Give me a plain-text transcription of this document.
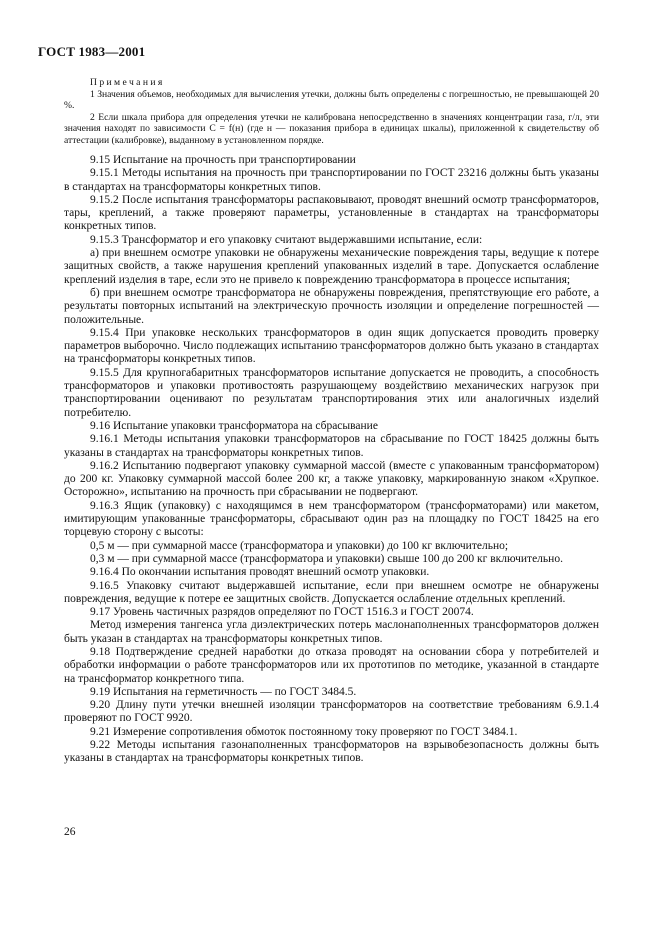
ГОСТ 1983—2001

Примечания

1 Значения объемов, необходимых для вычисления утечки, должны быть определены с погрешностью, не превышающей 20 %.

2 Если шкала прибора для определения утечки не калибрована непосредственно в значениях концентрации газа, г/л, эти значения находят по зависимости C = f(н) (где н — показания прибора в единицах шкалы), приложенной к свидетельству об аттестации (калибровке), выданному в установленном порядке.

9.15 Испытание на прочность при транспортировании

9.15.1 Методы испытания на прочность при транспортировании по ГОСТ 23216 должны быть указаны в стандартах на трансформаторы конкретных типов.

9.15.2 После испытания трансформаторы распаковывают, проводят внешний осмотр трансформаторов, тары, креплений, а также проверяют параметры, установленные в стандартах на трансформаторы конкретных типов.

9.15.3 Трансформатор и его упаковку считают выдержавшими испытание, если:

а) при внешнем осмотре упаковки не обнаружены механические повреждения тары, ведущие к потере защитных свойств, а также нарушения креплений упакованных изделий в таре. Допускается ослабление креплений изделия в таре, если это не привело к повреждению трансформатора в процессе испытания;

б) при внешнем осмотре трансформатора не обнаружены повреждения, препятствующие его работе, а результаты повторных испытаний на электрическую прочность изоляции и определение погрешностей — положительные.

9.15.4 При упаковке нескольких трансформаторов в один ящик допускается проводить проверку параметров выборочно. Число подлежащих испытанию трансформаторов должно быть указано в стандартах на трансформаторы конкретных типов.

9.15.5 Для крупногабаритных трансформаторов испытание допускается не проводить, а способность трансформаторов и упаковки противостоять разрушающему воздействию механических нагрузок при транспортировании оценивают по результатам транспортирования этих или аналогичных изделий потребителю.

9.16 Испытание упаковки трансформатора на сбрасывание

9.16.1 Методы испытания упаковки трансформаторов на сбрасывание по ГОСТ 18425 должны быть указаны в стандартах на трансформаторы конкретных типов.

9.16.2 Испытанию подвергают упаковку суммарной массой (вместе с упакованным трансформатором) до 200 кг. Упаковку суммарной массой более 200 кг, а также упаковку, маркированную знаком «Хрупкое. Осторожно», испытанию на прочность при сбрасывании не подвергают.

9.16.3 Ящик (упаковку) с находящимся в нем трансформатором (трансформаторами) или макетом, имитирующим упакованные трансформаторы, сбрасывают один раз на площадку по ГОСТ 18425 на его торцевую сторону с высоты:

0,5 м — при суммарной массе (трансформатора и упаковки) до 100 кг включительно;

0,3 м — при суммарной массе (трансформатора и упаковки) свыше 100 до 200 кг включительно.

9.16.4 По окончании испытания проводят внешний осмотр упаковки.

9.16.5 Упаковку считают выдержавшей испытание, если при внешнем осмотре не обнаружены повреждения, ведущие к потере ее защитных свойств. Допускается ослабление отдельных креплений.

9.17 Уровень частичных разрядов определяют по ГОСТ 1516.3 и ГОСТ 20074.

Метод измерения тангенса угла диэлектрических потерь маслонаполненных трансформаторов должен быть указан в стандартах на трансформаторы конкретных типов.

9.18 Подтверждение средней наработки до отказа проводят на основании сбора у потребителей и обработки информации о работе трансформаторов или их прототипов по методике, указанной в стандарте на трансформатор конкретного типа.

9.19 Испытания на герметичность — по ГОСТ 3484.5.

9.20 Длину пути утечки внешней изоляции трансформаторов на соответствие требованиям 6.9.1.4 проверяют по ГОСТ 9920.

9.21 Измерение сопротивления обмоток постоянному току проверяют по ГОСТ 3484.1.

9.22 Методы испытания газонаполненных трансформаторов на взрывобезопасность должны быть указаны в стандартах на трансформаторы конкретных типов.

26
